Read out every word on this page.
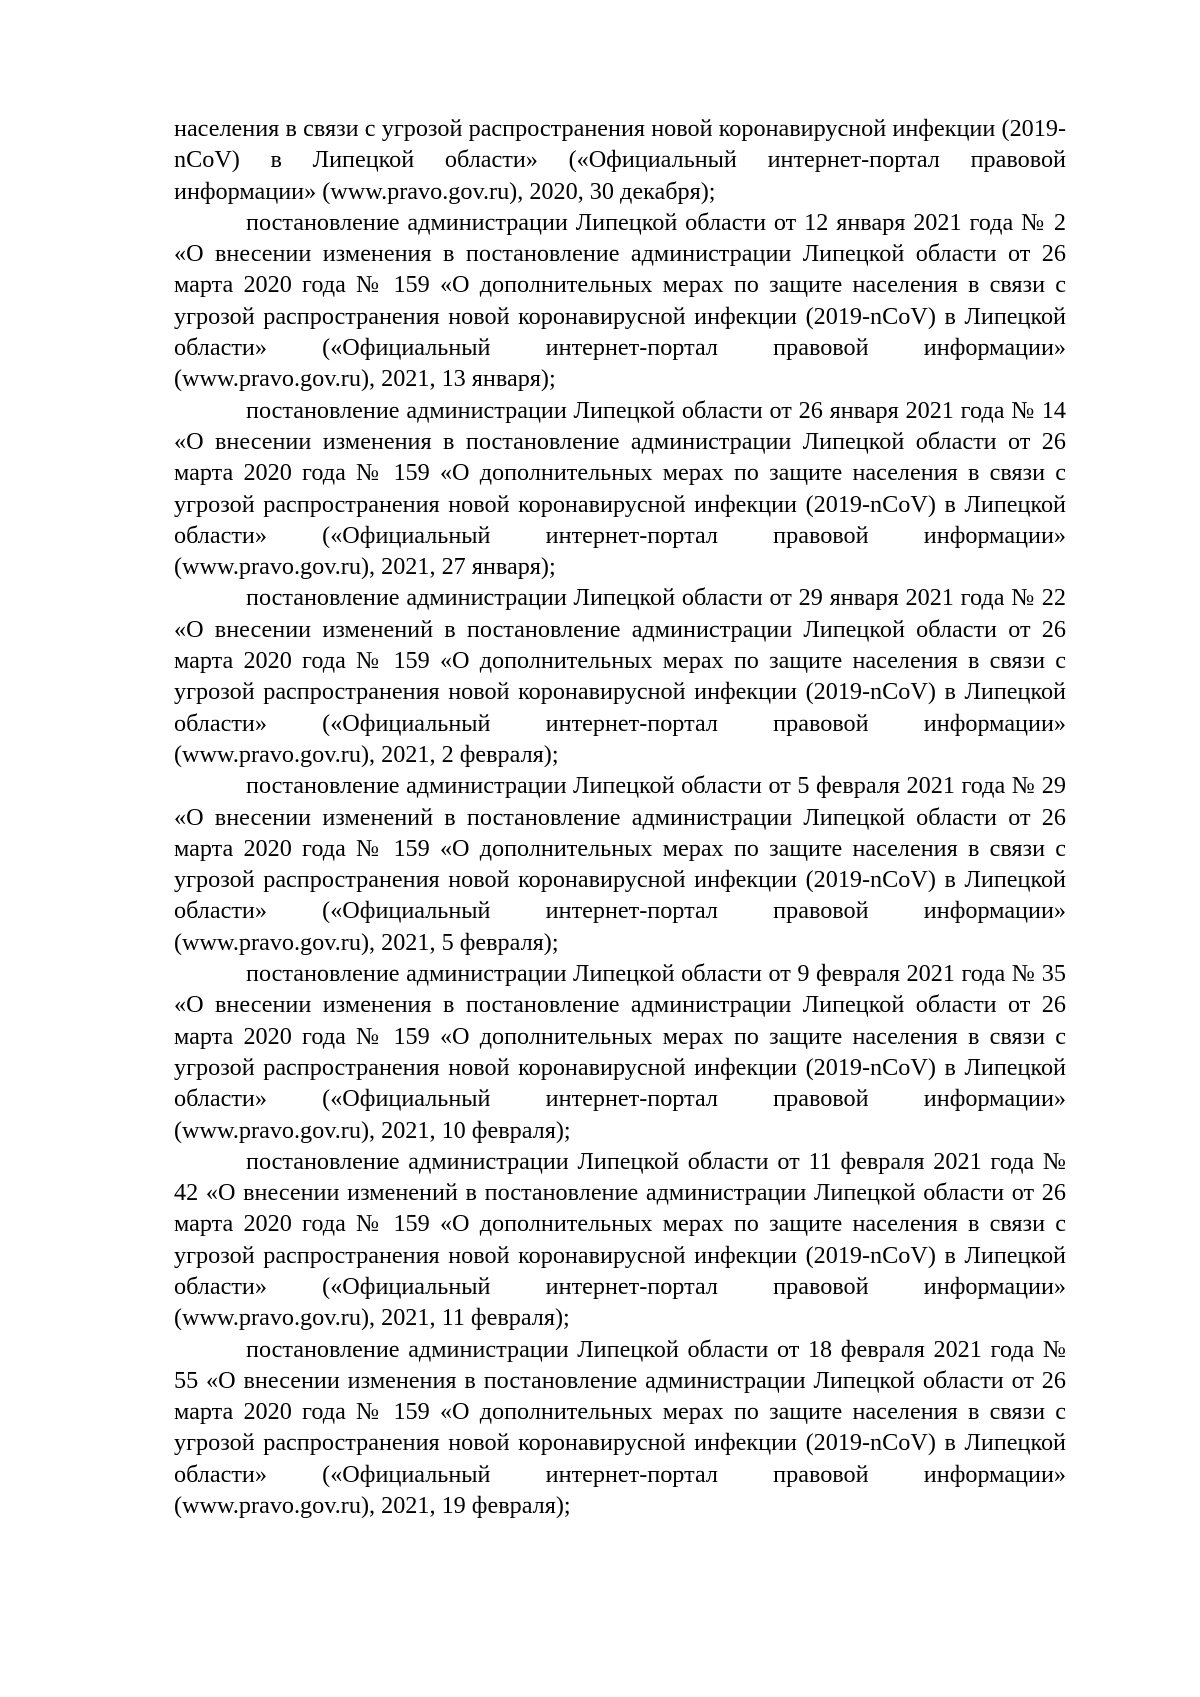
населения в связи с угрозой распространения новой коронавирусной инфекции (2019-nCoV) в Липецкой области» («Официальный интернет-портал правовой информации» (www.pravo.gov.ru), 2020, 30 декабря);

постановление администрации Липецкой области от 12 января 2021 года № 2 «О внесении изменения в постановление администрации Липецкой области от 26 марта 2020 года № 159 «О дополнительных мерах по защите населения в связи с угрозой распространения новой коронавирусной инфекции (2019-nCoV) в Липецкой области» («Официальный интернет-портал правовой информации» (www.pravo.gov.ru), 2021, 13 января);

постановление администрации Липецкой области от 26 января 2021 года № 14 «О внесении изменения в постановление администрации Липецкой области от 26 марта 2020 года № 159 «О дополнительных мерах по защите населения в связи с угрозой распространения новой коронавирусной инфекции (2019-nCoV) в Липецкой области» («Официальный интернет-портал правовой информации» (www.pravo.gov.ru), 2021, 27 января);

постановление администрации Липецкой области от 29 января 2021 года № 22 «О внесении изменений в постановление администрации Липецкой области от 26 марта 2020 года № 159 «О дополнительных мерах по защите населения в связи с угрозой распространения новой коронавирусной инфекции (2019-nCoV) в Липецкой области» («Официальный интернет-портал правовой информации» (www.pravo.gov.ru), 2021, 2 февраля);

постановление администрации Липецкой области от 5 февраля 2021 года № 29 «О внесении изменений в постановление администрации Липецкой области от 26 марта 2020 года № 159 «О дополнительных мерах по защите населения в связи с угрозой распространения новой коронавирусной инфекции (2019-nCoV) в Липецкой области» («Официальный интернет-портал правовой информации» (www.pravo.gov.ru), 2021, 5 февраля);

постановление администрации Липецкой области от 9 февраля 2021 года № 35 «О внесении изменения в постановление администрации Липецкой области от 26 марта 2020 года № 159 «О дополнительных мерах по защите населения в связи с угрозой распространения новой коронавирусной инфекции (2019-nCoV) в Липецкой области» («Официальный интернет-портал правовой информации» (www.pravo.gov.ru), 2021, 10 февраля);

постановление администрации Липецкой области от 11 февраля 2021 года № 42 «О внесении изменений в постановление администрации Липецкой области от 26 марта 2020 года № 159 «О дополнительных мерах по защите населения в связи с угрозой распространения новой коронавирусной инфекции (2019-nCoV) в Липецкой области» («Официальный интернет-портал правовой информации» (www.pravo.gov.ru), 2021, 11 февраля);

постановление администрации Липецкой области от 18 февраля 2021 года № 55 «О внесении изменения в постановление администрации Липецкой области от 26 марта 2020 года № 159 «О дополнительных мерах по защите населения в связи с угрозой распространения новой коронавирусной инфекции (2019-nCoV) в Липецкой области» («Официальный интернет-портал правовой информации» (www.pravo.gov.ru), 2021, 19 февраля);
